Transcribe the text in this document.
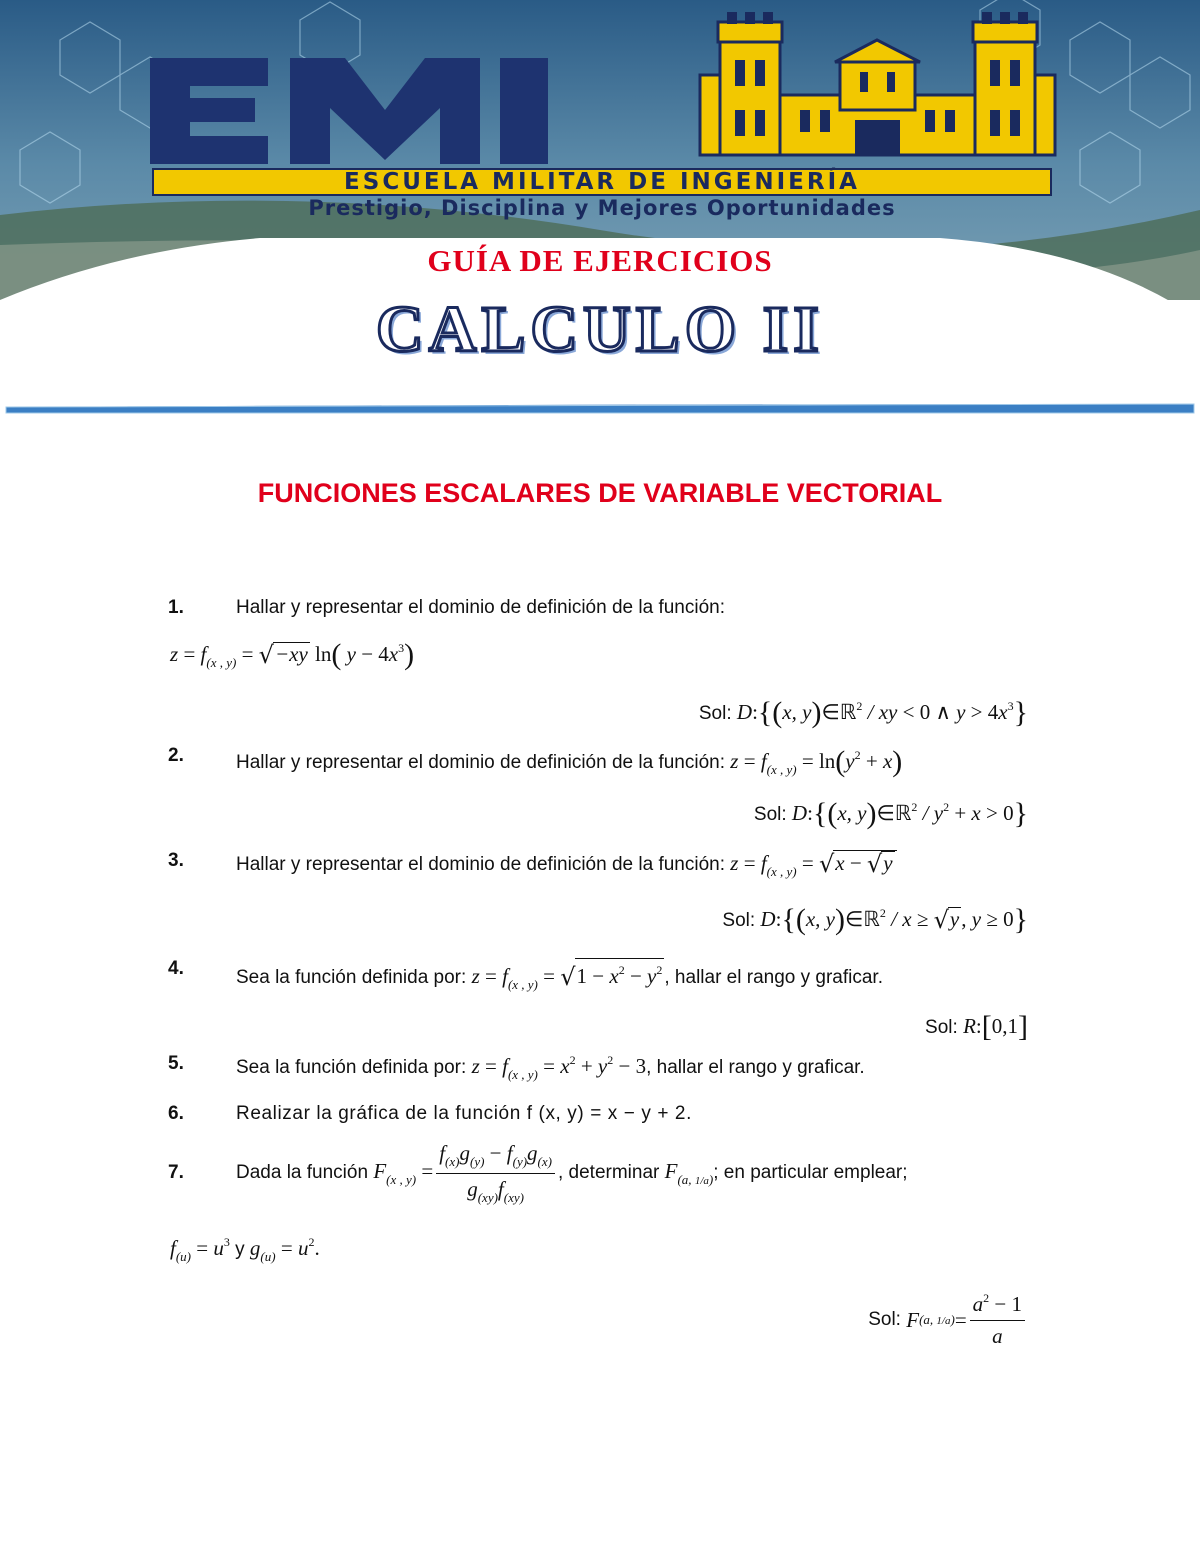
ESCUELA MILITAR DE INGENIERÍA
Prestigio, Disciplina y Mejores Oportunidades
GUÍA DE EJERCICIOS
CALCULO II
FUNCIONES ESCALARES DE VARIABLE VECTORIAL
1.	Hallar y representar el dominio de definición de la función:
$z = f_{(x , y)} = √-xy$ ln( $y - 4x^3$)
Sol: D:{(x, y)∈ℝ$^2$ / xy < 0 ∧ $y > 4x^3$}
2.	Hallar y representar el dominio de definición de la función: $z = f_{(x , y)} = \ln(y^2 + x)$
Sol: D:{(x, y)∈ℝ$^2$ / $y^2 + x > 0$}
3.	Hallar y representar el dominio de definición de la función: $z = f_{(x , y)} = √x - √y$
Sol: D:{(x, y)∈ℝ$^2$ / x ≥ √y, y ≥ 0}
4.	Sea la función definida por: $z = f_{(x , y)} = √1 - x^2 - y^2$ , hallar el rango y graficar.
Sol: R:[0,1]
5.	Sea la función definida por: $z = f_{(x , y)} = x^2 + y^2 - 3$, hallar el rango y graficar.
6.	Realizar la gráfica de la función f (x, y) = x − y + 2.
7.	Dada la función
$F_{(x , y)} = \frac{f_{(x)}g_{(y)} - f_{(y)}g_{(x)}}{g_{(xy)}f_{(xy)}}$ , determinar
$F_{(a, 1/a)}$ ; en particular emplear;
$f_{(u)} = u^3$ y $g_{(u)} = u^2$.
Sol:
F (a, $1/a) = \frac{a^2 - 1}{a}$
